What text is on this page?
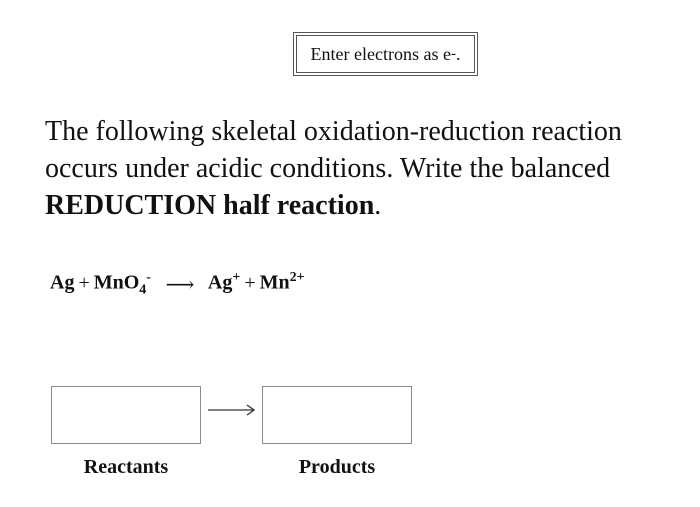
Enter electrons as e - .
The following skeletal oxidation-reduction reaction occurs under acidic conditions. Write the balanced REDUCTION half reaction.
Ag + MnO$_4$- ⟶ $Ag^+ + Mn^{2+}$
Reactants	Products
